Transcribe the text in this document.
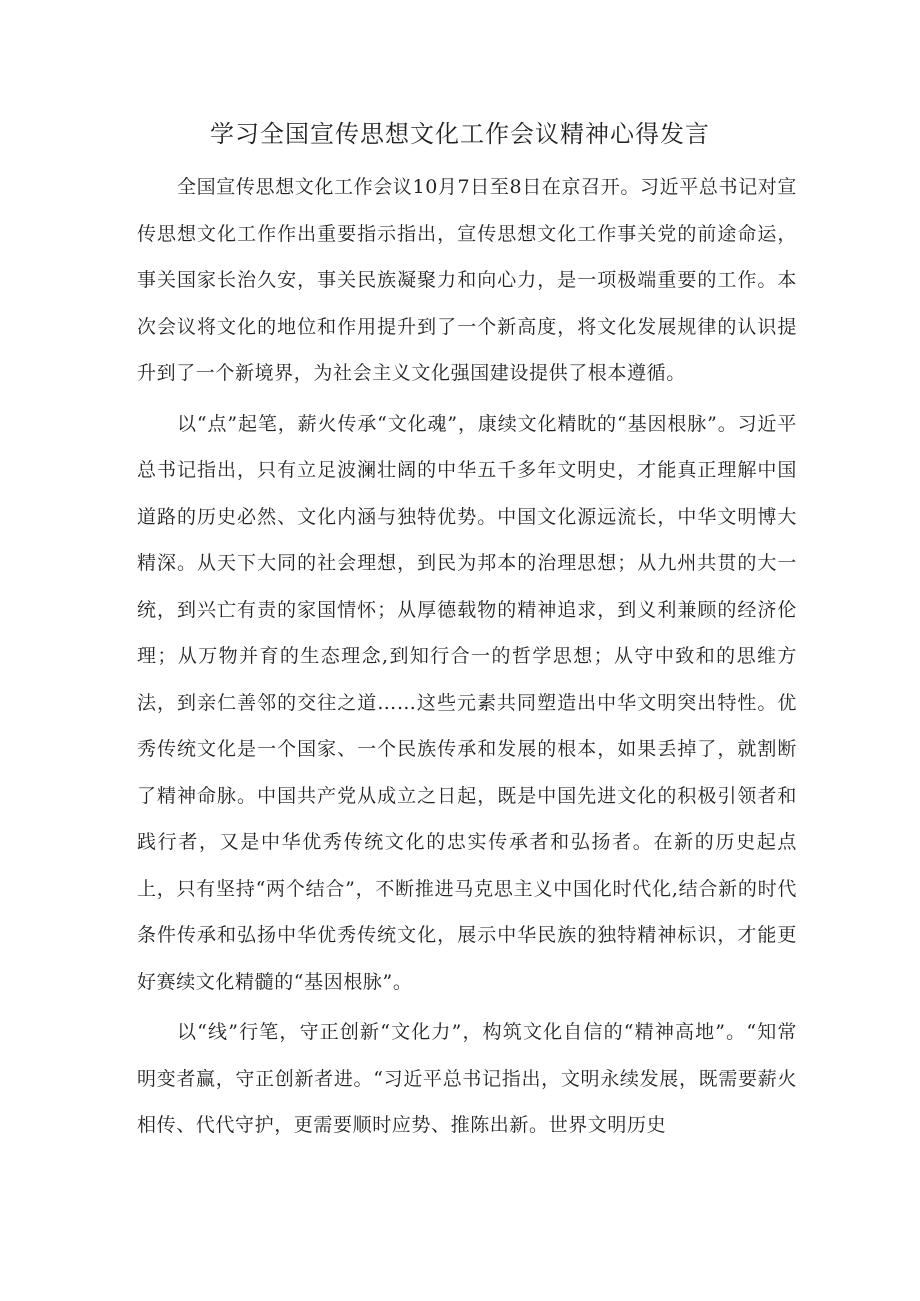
学习全国宣传思想文化工作会议精神心得发言

全国宣传思想文化工作会议10月7日至8日在京召开。习近平总书记对宣传思想文化工作作出重要指示指出，宣传思想文化工作事关党的前途命运，事关国家长治久安，事关民族凝聚力和向心力，是一项极端重要的工作。本次会议将文化的地位和作用提升到了一个新高度，将文化发展规律的认识提升到了一个新境界，为社会主义文化强国建设提供了根本遵循。

以“点”起笔，薪火传承“文化魂”，康续文化精眈的“基因根脉”。习近平总书记指出，只有立足波澜壮阔的中华五千多年文明史，才能真正理解中国道路的历史必然、文化内涵与独特优势。中国文化源远流长，中华文明博大精深。从天下大同的社会理想，到民为邦本的治理思想；从九州共贯的大一统，到兴亡有责的家国情怀；从厚德载物的精神追求，到义利兼顾的经济伦理；从万物并育的生态理念,到知行合一的哲学思想；从守中致和的思维方法，到亲仁善邻的交往之道……这些元素共同塑造出中华文明突出特性。优秀传统文化是一个国家、一个民族传承和发展的根本，如果丢掉了，就割断了精神命脉。中国共产党从成立之日起，既是中国先进文化的积极引领者和践行者，又是中华优秀传统文化的忠实传承者和弘扬者。在新的历史起点上，只有坚持“两个结合”，不断推进马克思主义中国化时代化,结合新的时代条件传承和弘扬中华优秀传统文化，展示中华民族的独特精神标识，才能更好赛续文化精髓的“基因根脉”。

以“线”行笔，守正创新“文化力”，构筑文化自信的“精神高地”。“知常明变者赢，守正创新者进。“习近平总书记指出，文明永续发展，既需要薪火相传、代代守护，更需要顺时应势、推陈出新。世界文明历史
